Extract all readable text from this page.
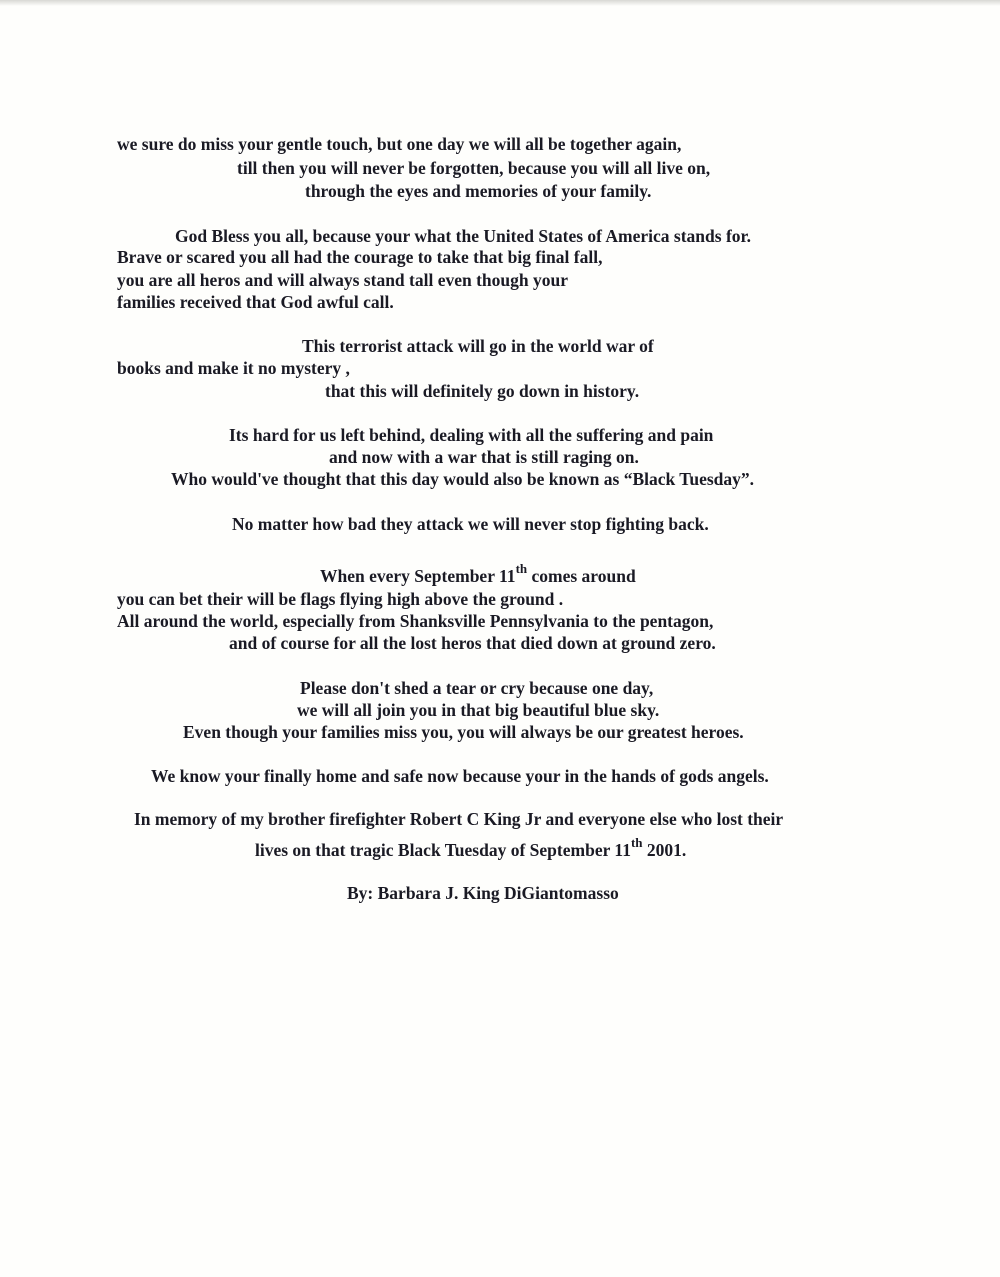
we sure do miss your gentle touch, but one day we will all be together again,
till then you will never be forgotten, because you will all live on,
through the eyes and memories of your family.
God Bless you all, because your what the United States of America stands for.
Brave or scared you all had the courage to take that big final fall,
you are all heros and will always stand tall even though your
families received that God awful call.
This terrorist attack will go in the world war of
books and make it no mystery ,
that this will definitely go down in history.
Its hard for us left behind, dealing with all the suffering and pain
and now with a war that is still raging on.
Who would've thought that this day would also be known as “Black Tuesday”.
No matter how bad they attack we will never stop fighting back.
When every September 11th comes around
you can bet their will be flags flying high above the ground .
All around the world, especially from Shanksville Pennsylvania to the pentagon,
and of course for all the lost heros that died down at ground zero.
Please don't shed a tear or cry because one day,
we will all join you in that big beautiful blue sky.
Even though your families miss you, you will always be our greatest heroes.
We know your finally home and safe now because your in the hands of gods angels.
In memory of my brother firefighter Robert C King Jr and everyone else who lost their
lives on that tragic Black Tuesday of September 11th 2001.
By: Barbara J. King DiGiantomasso
